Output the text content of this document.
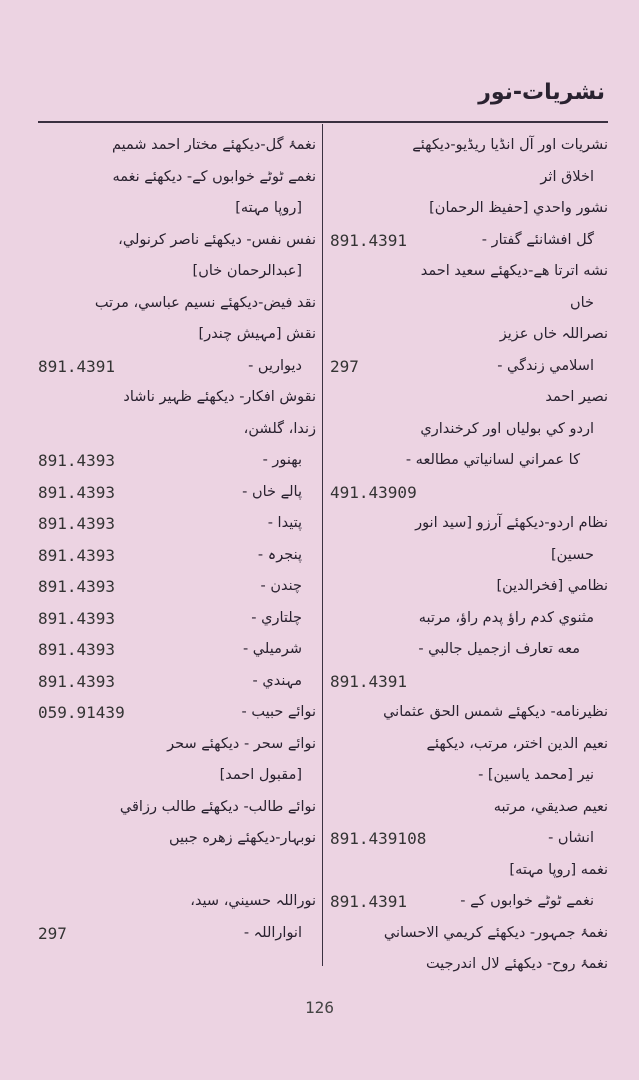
نشریات-نور
نشریات اور آل انڈیا ریڈیو-دیکھئے
اخلاق اثر
نشور واحدي [حفیظ الرحمان]
گل افشانئے گفتار -
891.4391
نشه اترتا هے-دیکھئے سعید احمد
خاں
نصراللہ خاں عزیز
اسلامي زندگي -
297
نصیر احمد
اردو کي بولیاں اور کرخنداري
کا عمراني لسانیاتي مطالعه -
491.43909
نظام اردو-دیکھئے آرزو [سید انور
حسین]
نظامي [فخرالدین]
مثنوي کدم راؤ پدم راؤ، مرتبه
معه تعارف ازجمیل جالبي -
891.4391
نظیرنامه- دیکھئے شمس الحق عثماني
نعیم الدین اختر، مرتب، دیکھئے
نیر [محمد یاسین] -
نعیم صدیقي، مرتبه
انشاں -
891.439108
نغمه [روپا مہته]
نغمے ٹوٹے خوابوں کے -
891.4391
نغمۂ جمہور- دیکھئے کریمي الاحساني
نغمۂ روح- دیکھئے لال اندرجیت
نغمۂ گل-دیکھئے مختار احمد شمیم
نغمے ٹوٹے خوابوں کے- دیکھئے نغمه
[روپا مہته]
نفس نفس- دیکھئے ناصر کرنولي،
[عبدالرحمان خاں]
نقد فیض-دیکھئے نسیم عباسي، مرتب
نقش [مہیش چندر]
دیواریں -
891.4391
نقوش افکار- دیکھئے ظہیر ناشاد
زندا، گلشن،
بھنور -
891.4393
پالے خاں -
891.4393
پتیدا -
891.4393
پنجرہ -
891.4393
چندن -
891.4393
چلتاري -
891.4393
شرمیلي -
891.4393
مہندي -
891.4393
نوائے حبیب -
059.91439
نوائے سحر - دیکھئے سحر
[مقبول احمد]
نوائے طالب- دیکھئے طالب رزاقي
نوبہار-دیکھئے زهره جبیں
نوراللہ حسیني، سید،
انواراللہ -
297
126
